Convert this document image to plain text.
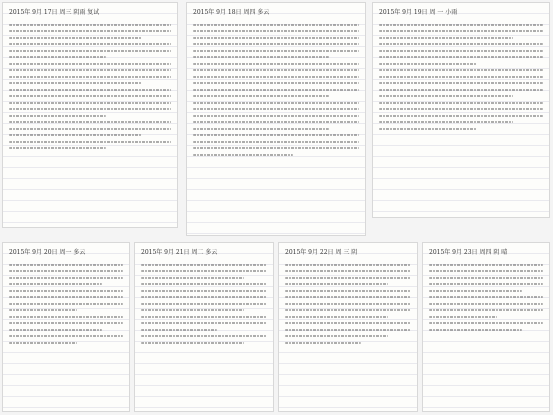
2015年 9月 17日 周三 阴雨 复试	2015年 9月 18日 周四 多云	2015年 9月 19日 周 一 小雨
2015年 9月 20日 周一 多云	2015年 9月 21日 周二 多云	2015年 9月 22日 周 三 阴	2015年 9月 23日 周四 阴 晴
